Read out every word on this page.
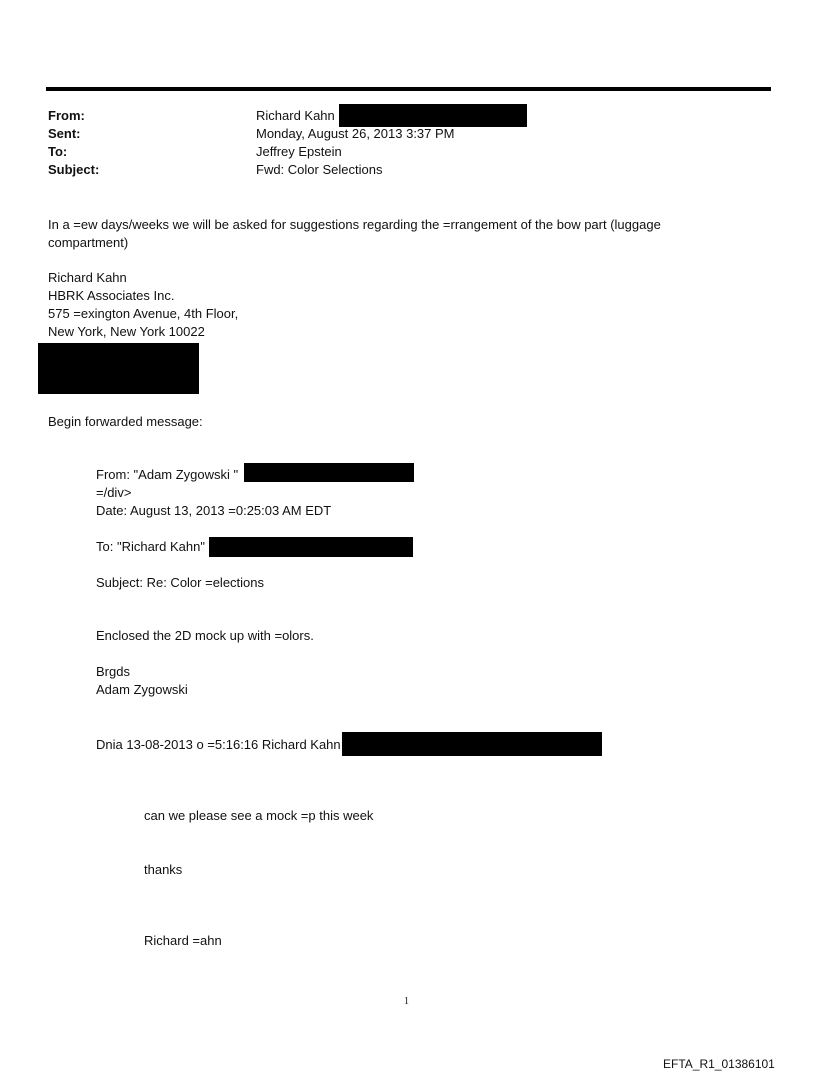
From:	Richard Kahn
Sent:	Monday, August 26, 2013 3:37 PM
To:	Jeffrey Epstein
Subject:	Fwd: Color Selections
In a =ew days/weeks we will be asked for suggestions regarding the =rrangement of the bow part (luggage
compartment)
Richard Kahn
HBRK Associates Inc.
575 =exington Avenue, 4th Floor,
New York, New York 10022
Begin forwarded message:
From: "Adam Zygowski "
=/div>
Date: August 13, 2013 =0:25:03 AM EDT
To: "Richard Kahn"
Subject: Re: Color =elections
Enclosed the 2D mock up with =olors.
Brgds
Adam Zygowski
Dnia 13-08-2013 o =5:16:16 Richard Kahn
can we please see a mock =p this week
thanks
Richard =ahn
1
EFTA_R1_01386101
